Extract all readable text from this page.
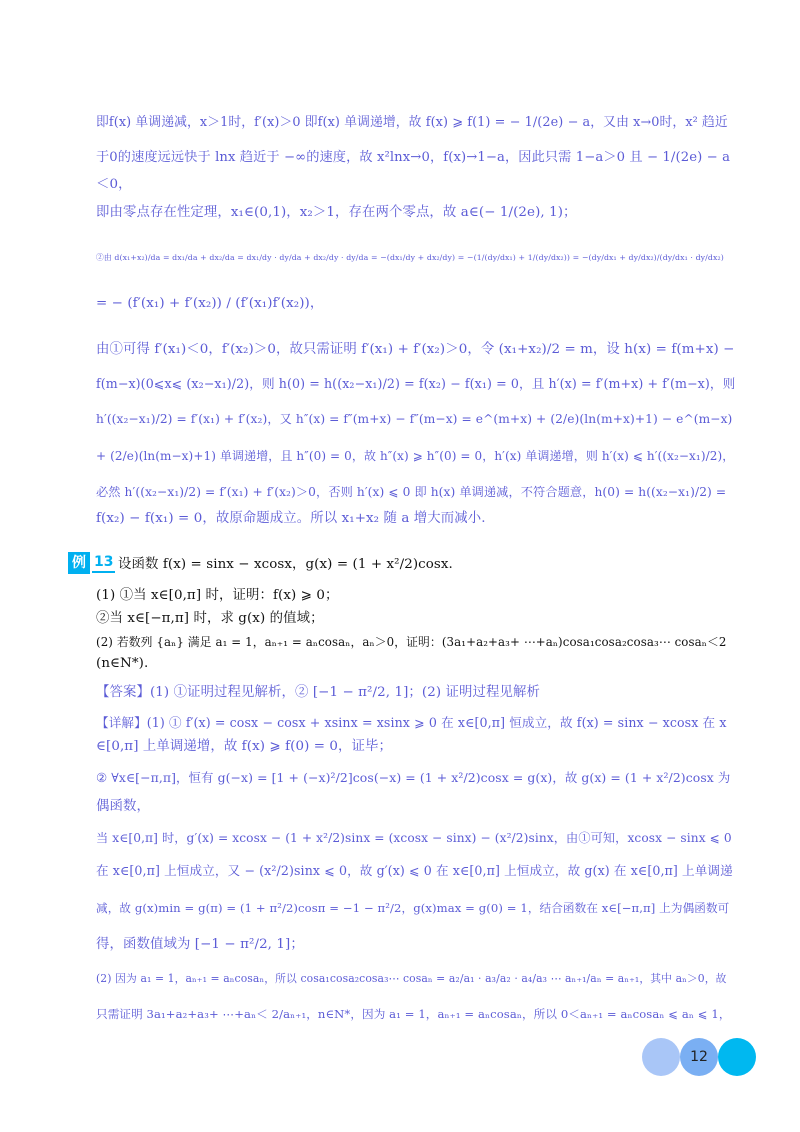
即f(x) 单调递减，x＞1时，f′(x)＞0 即f(x) 单调递增，故 f(x) ⩾ f(1) = − 1/(2e) − a，又由 x→0时，x² 趋近
于0的速度远远快于 lnx 趋近于 −∞的速度，故 x²lnx→0，f(x)→1−a，因此只需 1−a＞0 且 − 1/(2e) − a
＜0，
即由零点存在性定理，x₁∈(0,1)，x₂＞1，存在两个零点，故 a∈(− 1/(2e), 1)；
②由 d(x₁+x₂)/da = dx₁/da + dx₂/da = dx₁/dy · dy/da + dx₂/dy · dy/da = −(dx₁/dy + dx₂/dy) = −(1/(dy/dx₁) + 1/(dy/dx₂)) = −(dy/dx₁ + dy/dx₂)/(dy/dx₁ · dy/dx₂)
= − (f′(x₁) + f′(x₂)) / (f′(x₁)f′(x₂))，
由①可得 f′(x₁)＜0，f′(x₂)＞0，故只需证明 f′(x₁) + f′(x₂)＞0，令 (x₁+x₂)/2 = m，设 h(x) = f(m+x) −
f(m−x)(0⩽x⩽ (x₂−x₁)/2)，则 h(0) = h((x₂−x₁)/2) = f(x₂) − f(x₁) = 0，且 h′(x) = f′(m+x) + f′(m−x)，则
h′((x₂−x₁)/2) = f′(x₁) + f′(x₂)，又 h″(x) = f″(m+x) − f″(m−x) = e^(m+x) + (2/e)(ln(m+x)+1) − e^(m−x)
+ (2/e)(ln(m−x)+1) 单调递增，且 h″(0) = 0，故 h″(x) ⩾ h″(0) = 0，h′(x) 单调递增，则 h′(x) ⩽ h′((x₂−x₁)/2)，
必然 h′((x₂−x₁)/2) = f′(x₁) + f′(x₂)＞0，否则 h′(x) ⩽ 0 即 h(x) 单调递减，不符合题意，h(0) = h((x₂−x₁)/2) =
f(x₂) − f(x₁) = 0，故原命题成立。所以 x₁+x₂ 随 a 增大而减小.
例 13 设函数 f(x) = sinx − xcosx，g(x) = (1 + x²/2)cosx.
(1) ①当 x∈[0,π] 时，证明：f(x) ⩾ 0；
②当 x∈[−π,π] 时，求 g(x) 的值域；
(2) 若数列 {aₙ} 满足 a₁ = 1，aₙ₊₁ = aₙcosaₙ，aₙ＞0，证明：(3a₁+a₂+a₃+ ⋯+aₙ)cosa₁cosa₂cosa₃⋯ cosaₙ＜2
(n∈N*).
【答案】(1) ①证明过程见解析，② [−1 − π²/2, 1]；(2) 证明过程见解析
【详解】(1) ① f′(x) = cosx − cosx + xsinx = xsinx ⩾ 0 在 x∈[0,π] 恒成立，故 f(x) = sinx − xcosx 在 x
∈[0,π] 上单调递增，故 f(x) ⩾ f(0) = 0，证毕；
② ∀x∈[−π,π]，恒有 g(−x) = [1 + (−x)²/2]cos(−x) = (1 + x²/2)cosx = g(x)，故 g(x) = (1 + x²/2)cosx 为
偶函数，
当 x∈[0,π] 时，g′(x) = xcosx − (1 + x²/2)sinx = (xcosx − sinx) − (x²/2)sinx，由①可知，xcosx − sinx ⩽ 0
在 x∈[0,π] 上恒成立，又 − (x²/2)sinx ⩽ 0，故 g′(x) ⩽ 0 在 x∈[0,π] 上恒成立，故 g(x) 在 x∈[0,π] 上单调递
减，故 g(x)min = g(π) = (1 + π²/2)cosπ = −1 − π²/2，g(x)max = g(0) = 1，结合函数在 x∈[−π,π] 上为偶函数可
得，函数值域为 [−1 − π²/2, 1]；
(2) 因为 a₁ = 1，aₙ₊₁ = aₙcosaₙ，所以 cosa₁cosa₂cosa₃⋯ cosaₙ = a₂/a₁ · a₃/a₂ · a₄/a₃ ⋯ aₙ₊₁/aₙ = aₙ₊₁，其中 aₙ＞0，故
只需证明 3a₁+a₂+a₃+ ⋯+aₙ＜ 2/aₙ₊₁，n∈N*，因为 a₁ = 1，aₙ₊₁ = aₙcosaₙ，所以 0＜aₙ₊₁ = aₙcosaₙ ⩽ aₙ ⩽ 1，
12
